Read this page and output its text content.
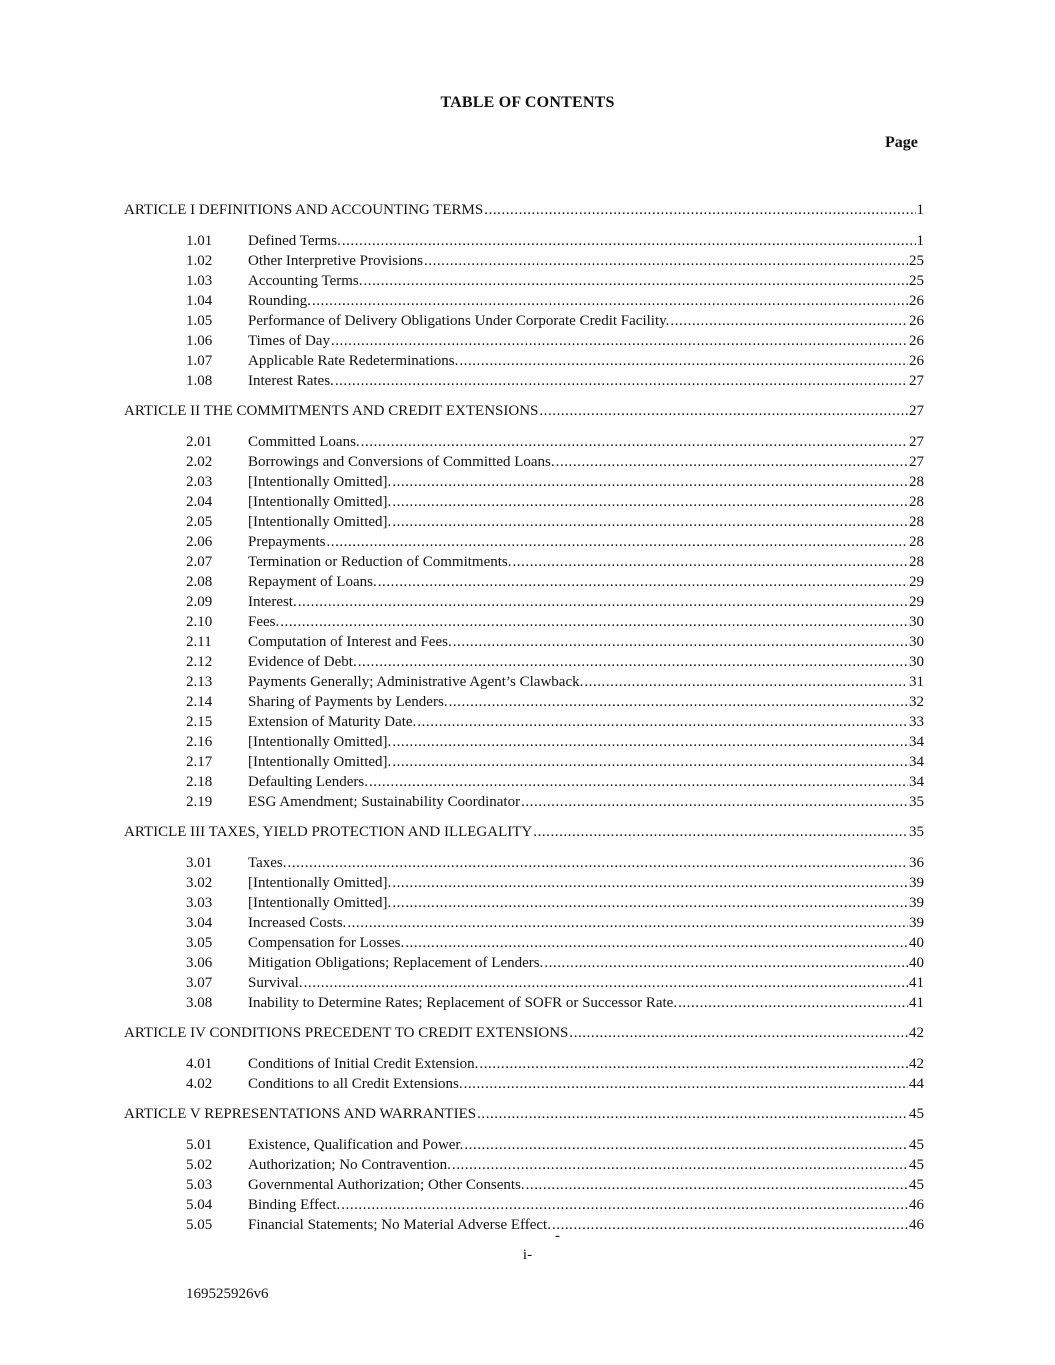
TABLE OF CONTENTS
Page
ARTICLE I DEFINITIONS AND ACCOUNTING TERMS . . .	1
1.01	Defined Terms. . . .	1
1.02	Other Interpretive Provisions . . .	25
1.03	Accounting Terms. . . .	25
1.04	Rounding. . . .	26
1.05	Performance of Delivery Obligations Under Corporate Credit Facility. . . .	26
1.06	Times of Day . . .	26
1.07	Applicable Rate Redeterminations. . . .	26
1.08	Interest Rates. . . .	27
ARTICLE II THE COMMITMENTS AND CREDIT EXTENSIONS . . .	27
2.01	Committed Loans. . . .	27
2.02	Borrowings and Conversions of Committed Loans. . . .	27
2.03	[Intentionally Omitted]. . . .	28
2.04	[Intentionally Omitted]. . . .	28
2.05	[Intentionally Omitted]. . . .	28
2.06	Prepayments . . .	28
2.07	Termination or Reduction of Commitments. . . .	28
2.08	Repayment of Loans. . . .	29
2.09	Interest. . . .	29
2.10	Fees. . . .	30
2.11	Computation of Interest and Fees. . . .	30
2.12	Evidence of Debt. . . .	30
2.13	Payments Generally; Administrative Agent’s Clawback. . . .	31
2.14	Sharing of Payments by Lenders. . . .	32
2.15	Extension of Maturity Date. . . .	33
2.16	[Intentionally Omitted]. . . .	34
2.17	[Intentionally Omitted]. . . .	34
2.18	Defaulting Lenders. . . .	34
2.19	ESG Amendment; Sustainability Coordinator . . .	35
ARTICLE III TAXES, YIELD PROTECTION AND ILLEGALITY . . .	35
3.01	Taxes. . . .	36
3.02	[Intentionally Omitted]. . . .	39
3.03	[Intentionally Omitted]. . . .	39
3.04	Increased Costs. . . .	39
3.05	Compensation for Losses. . . .	40
3.06	Mitigation Obligations; Replacement of Lenders. . . .	40
3.07	Survival. . . .	41
3.08	Inability to Determine Rates; Replacement of SOFR or Successor Rate. . . .	41
ARTICLE IV CONDITIONS PRECEDENT TO CREDIT EXTENSIONS . . .	42
4.01	Conditions of Initial Credit Extension. . . .	42
4.02	Conditions to all Credit Extensions. . . .	44
ARTICLE V REPRESENTATIONS AND WARRANTIES . . .	45
5.01	Existence, Qualification and Power. . . .	45
5.02	Authorization; No Contravention. . . .	45
5.03	Governmental Authorization; Other Consents. . . .	45
5.04	Binding Effect. . . .	46
5.05	Financial Statements; No Material Adverse Effect. . . .	46
-
i-
169525926v6
